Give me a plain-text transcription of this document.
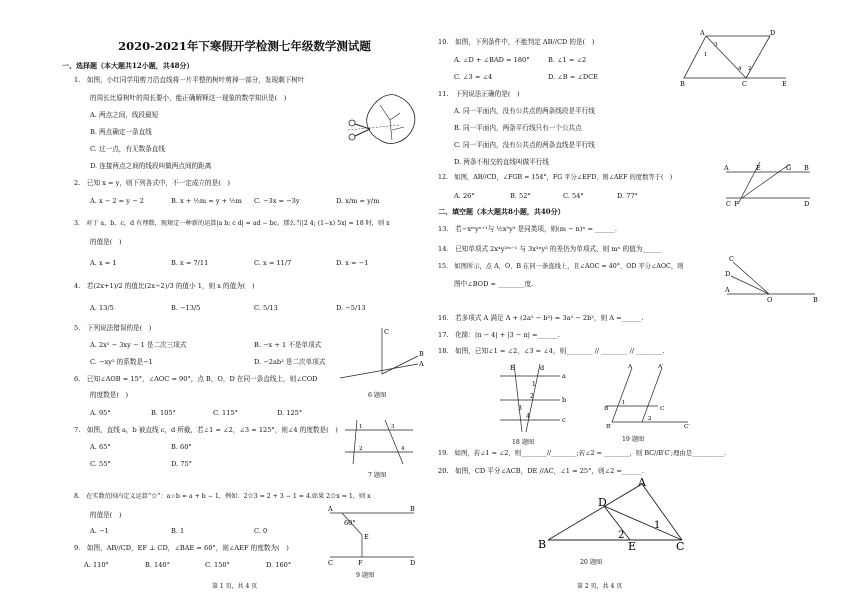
2020-2021年下寒假开学检测七年级数学测试题
一、选择题（本大题共12小题，共48分）
1.　如图，小红同学用剪刀沿直线将一片平整的树叶剪掉一部分，发现剩下树叶
的周长比原树叶的周长要小，能正确解释这一现象的数学知识是(　)
A. 两点之间，线段最短
B. 两点确定一条直线
C. 过一点，有无数条直线
D. 连接两点之间的线段叫做两点间的距离
2.　已知 x = y，则下列各式中，不一定成立的是(　)
A. x − 2 = y − 2	B. x + ½m = y + ½m C. −3x = −3y	D. x/m = y/m
3.　对于 a，b，c，d 有理数，现规定一种新的运算|a b; c d| = ad − bc，那么当|2 4; (1−x) 5x| = 18 时，则 x
的值是(　)
A. x = 1	B. x = 7/11	C. x = 11/7	D. x = −1
4.　若(2x+1)/2 的值比(2x−2)/3 的值小 1，则 x 的值为(　)
A. 13/5	B. −13/5	C. 5/13	D. −5/13
5.　下列说法错误的是(　)
A. 2x² − 3xy − 1 是二次三项式	B. −x + 1 不是单项式
C. −xy² 的系数是−1	D. −2ab² 是二次单项式
C
B
A
6 题图
6.　已知∠AOB = 15°，∠AOC = 90°，点 B，O，D 在同一条直线上，则∠COD
的度数是(　)
A. 95°	B. 105°	C. 115°	D. 125°
7.　如图，直线 a，b 被直线 c，d 所截，若∠1 = ∠2，∠3 = 125°，则∠4 的度数是(　)
A. 65°	B. 60°
C. 55°	D. 75°
1	3
2	4
7 题图
8.　在实数范围内定义运算“☆”：a☆b = a + b − 1，例如：2☆3 = 2 + 3 − 1 = 4.如果 2☆x = 1，则 x
的值是(　)
A. −1	B. 1	C. 0
A	B
60°
E
C	F	D
9 题图
9.　如图，AB//CD，EF ⊥ CD，∠BAE = 60°，则∠AEF 的度数为(　)
A. 110°	B. 140°	C. 150°	D. 160°
第 1 页，共 4 页
10.　如图，下列条件中，不能判定 AB//CD 的是(　)
A. ∠D + ∠BAD = 180°	B. ∠1 = ∠2
C. ∠3 = ∠4	D. ∠B = ∠DCE
A	D
B	C	E
3
1
4 2
11.　下列说法正确的是(　)
A. 同一平面内，没有公共点的两条线段是平行线
B. 同一平面内，两条平行线只有一个公共点
C. 同一平面内，没有公共点的两条直线是平行线
D. 两条不相交的直线叫做平行线
12.　如图，AB//CD，∠FGB = 154°，FG 平分∠EFD，则∠AEF 的度数等于(　)
A. 26°	B. 52°	C. 54°	D. 77°
A	E	G B
C F	D
二、填空题（本大题共8小题，共40分）
13.　若−xᵐyⁿ⁺¹与 ½x⁵y³ 是同类项，则(m − n)ⁿ = ______.
14.　已知单项式 2x⁴y²ᵐ⁻¹ 与 3x³ⁿy³ 的差仍为单项式，则 mⁿ 的值为______
15.　如图所示，点 A，O，B 在同一条直线上，且∠AOC = 40°，OD 平分∠AOC，则
图中∠BOD = ________度.
C
D
A
O	B
16.　若多项式 A 满足 A + (2a² − b²) = 3a² − 2b²，则 A =______.
17.　化简：|π − 4| + |3 − π| =______.
18.　如图，已知∠1 = ∠2，∠3 = ∠4，则________ // ________ // ________.
a
b
c
E	d
1
2
3
4
18 题图
A	A′
B	C
B′	C′
1
2
19 题图
19.　如图，若∠1 = ∠2，则________//________;若∠2 = ________，则 BC//B′C′;理由是__________.
20.　如图，CD 平分∠ACB，DE //AC，∠1 = 25°，则∠2 =______.
B
D
A
E	C
2
1
20 题图
第 2 页，共 4 页
